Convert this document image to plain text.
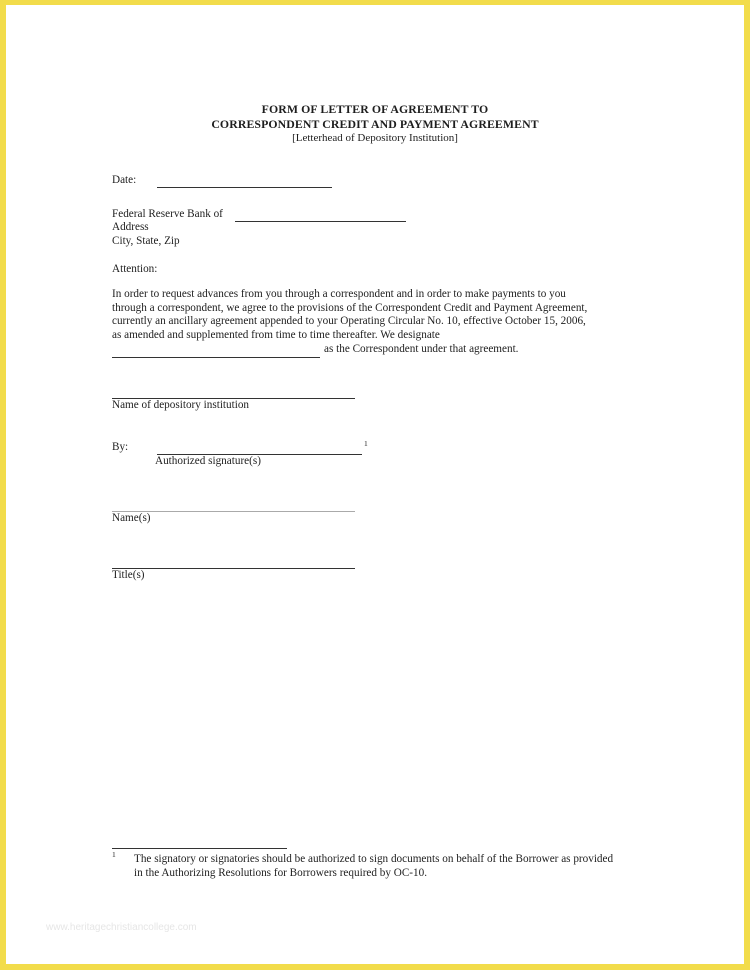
FORM OF LETTER OF AGREEMENT TO
CORRESPONDENT CREDIT AND PAYMENT AGREEMENT
[Letterhead of Depository Institution]
Date:
Federal Reserve Bank of
Address
City, State, Zip
Attention:
In order to request advances from you through a correspondent and in order to make payments to you
through a correspondent, we agree to the provisions of the Correspondent Credit and Payment Agreement,
currently an ancillary agreement appended to your Operating Circular No. 10, effective October 15, 2006,
as amended and supplemented from time to time thereafter. We designate
as the Correspondent under that agreement.
Name of depository institution
By:	1
Authorized signature(s)
Name(s)
Title(s)
1 The signatory or signatories should be authorized to sign documents on behalf of the Borrower as provided
in the Authorizing Resolutions for Borrowers required by OC-10.
www.heritagechristiancollege.com
